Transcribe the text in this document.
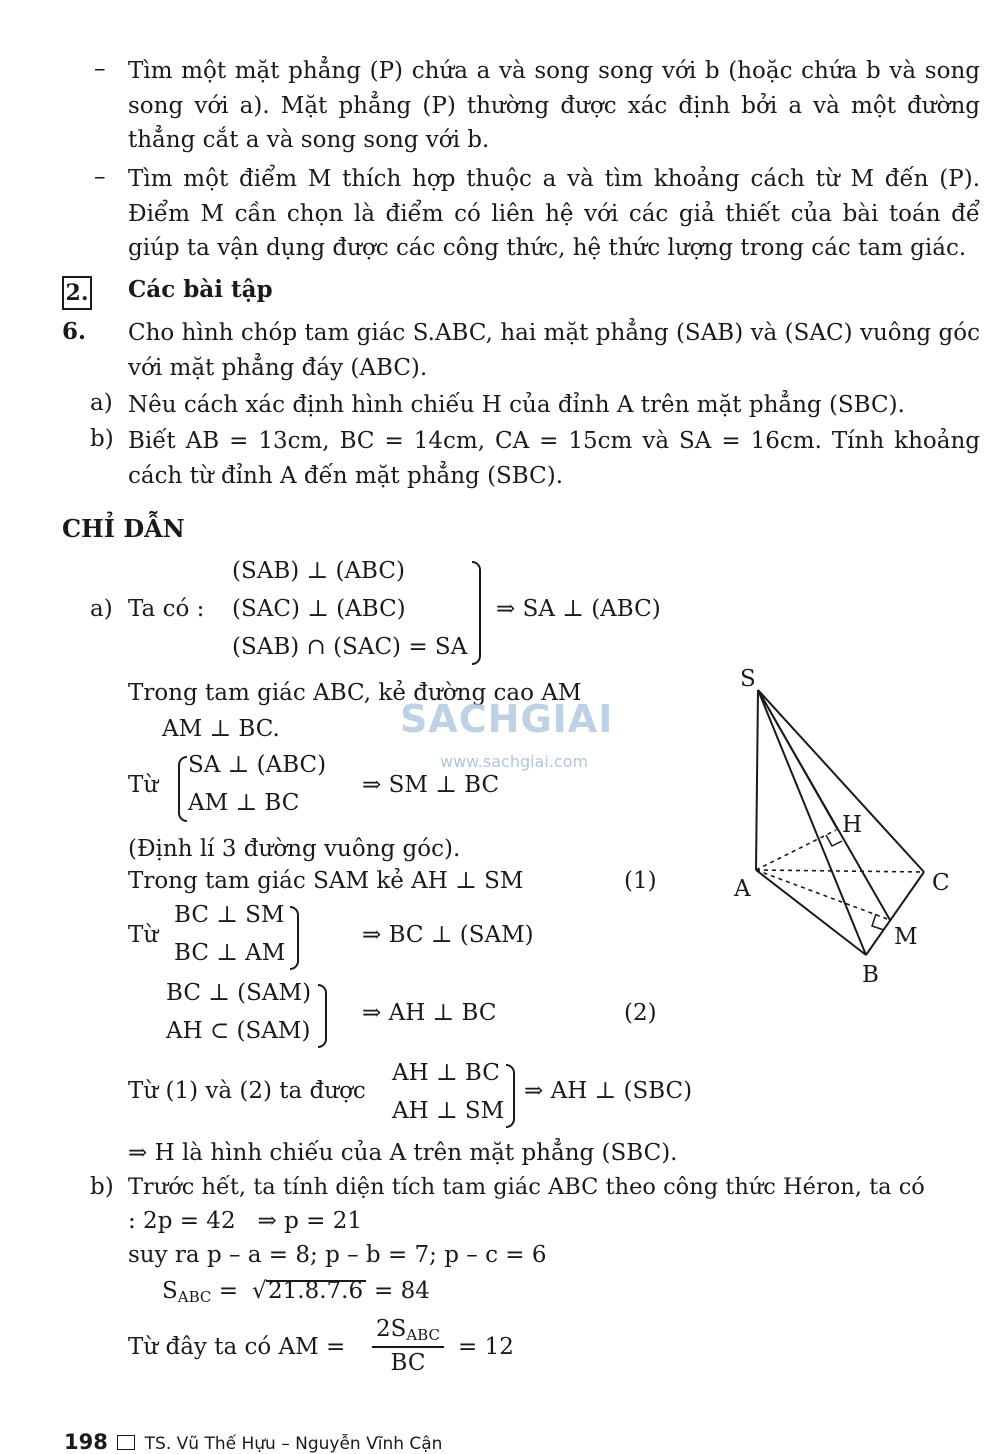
– Tìm một mặt phẳng (P) chứa a và song song với b (hoặc chứa b và song song với a). Mặt phẳng (P) thường được xác định bởi a và một đường thẳng cắt a và song song với b.
– Tìm một điểm M thích hợp thuộc a và tìm khoảng cách từ M đến (P). Điểm M cần chọn là điểm có liên hệ với các giả thiết của bài toán để giúp ta vận dụng được các công thức, hệ thức lượng trong các tam giác.
2. Các bài tập
6. Cho hình chóp tam giác S.ABC, hai mặt phẳng (SAB) và (SAC) vuông góc với mặt phẳng đáy (ABC).
a) Nêu cách xác định hình chiếu H của đỉnh A trên mặt phẳng (SBC).
b) Biết AB = 13cm, BC = 14cm, CA = 15cm và SA = 16cm. Tính khoảng cách từ đỉnh A đến mặt phẳng (SBC).
CHỈ DẪN
a) Ta có :
(SAB) ⊥ (ABC)
(SAC) ⊥ (ABC)
(SAB) ∩ (SAC) = SA
⇒ SA ⊥ (ABC)
Trong tam giác ABC, kẻ đường cao AM
AM ⊥ BC.
Từ
SA ⊥ (ABC)
AM ⊥ BC
⇒ SM ⊥ BC
(Định lí 3 đường vuông góc).
Trong tam giác SAM kẻ AH ⊥ SM	(1)
Từ
BC ⊥ SM
BC ⊥ AM
⇒ BC ⊥ (SAM)
BC ⊥ (SAM)
AH ⊂ (SAM)
⇒ AH ⊥ BC	(2)
Từ (1) và (2) ta được
AH ⊥ BC
AH ⊥ SM
⇒ AH ⊥ (SBC)
⇒ H là hình chiếu của A trên mặt phẳng (SBC).
b) Trước hết, ta tính diện tích tam giác ABC theo công thức Héron, ta có
: 2p = 42   ⇒ p = 21
suy ra p – a = 8; p – b = 7; p – c = 6
$S_{ABC}$ = √ 21.8.7.6 = 84
Từ đây ta có AM =
$2S_{ABC}$
BC
= 12
SACHGIAI
www.sachgiai.com
S
H
A	C
M
B
198 TS. Vũ Thế Hựu – Nguyễn Vĩnh Cận
